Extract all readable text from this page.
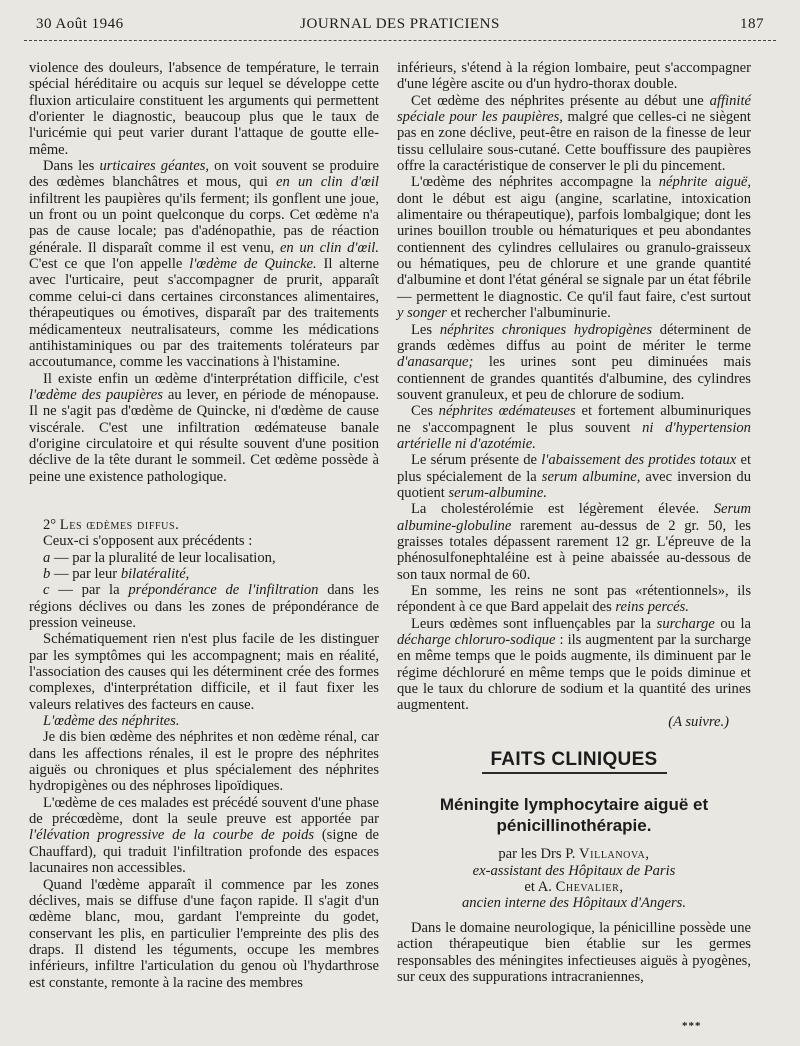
30 Août 1946	JOURNAL DES PRATICIENS	187

violence des douleurs, l'absence de température, le terrain spécial héréditaire ou acquis sur lequel se développe cette fluxion articulaire constituent les arguments qui permettent d'orienter le diagnostic, beaucoup plus que le taux de l'uricémie qui peut varier durant l'attaque de goutte elle-même.

Dans les urticaires géantes, on voit souvent se produire des œdèmes blanchâtres et mous, qui en un clin d'œil infiltrent les paupières qu'ils ferment; ils gonflent une joue, un front ou un point quelconque du corps. Cet œdème n'a pas de cause locale; pas d'adénopathie, pas de réaction générale. Il disparaît comme il est venu, en un clin d'œil. C'est ce que l'on appelle l'œdème de Quincke. Il alterne avec l'urticaire, peut s'accompagner de prurit, apparaît comme celui-ci dans certaines circonstances alimentaires, thérapeutiques ou émotives, disparaît par des traitements médicamenteux neutralisateurs, comme les médications antihistaminiques ou par des traitements tolérateurs par accoutumance, comme les vaccinations à l'histamine.

Il existe enfin un œdème d'interprétation difficile, c'est l'œdème des paupières au lever, en période de ménopause. Il ne s'agit pas d'œdème de Quincke, ni d'œdème de cause viscérale. C'est une infiltration œdémateuse banale d'origine circulatoire et qui résulte souvent d'une position déclive de la tête durant le sommeil. Cet œdème possède à peine une existence pathologique.

2° Les œdèmes diffus.

Ceux-ci s'opposent aux précédents :

a — par la pluralité de leur localisation,

b — par leur bilatéralité,

c — par la prépondérance de l'infiltration dans les régions déclives ou dans les zones de prépondérance de pression veineuse.

Schématiquement rien n'est plus facile de les distinguer par les symptômes qui les accompagnent; mais en réalité, l'association des causes qui les déterminent crée des formes complexes, d'interprétation difficile, et il faut fixer les valeurs relatives des facteurs en cause.

L'œdème des néphrites.

Je dis bien œdème des néphrites et non œdème rénal, car dans les affections rénales, il est le propre des néphrites aiguës ou chroniques et plus spécialement des néphrites hydropigènes ou des néphroses lipoïdiques.

L'œdème de ces malades est précédé souvent d'une phase de précœdème, dont la seule preuve est apportée par l'élévation progressive de la courbe de poids (signe de Chauffard), qui traduit l'infiltration profonde des espaces lacunaires non accessibles.

Quand l'œdème apparaît il commence par les zones déclives, mais se diffuse d'une façon rapide. Il s'agit d'un œdème blanc, mou, gardant l'empreinte du godet, conservant les plis, en particulier l'empreinte des plis des draps. Il distend les téguments, occupe les membres inférieurs, infiltre l'articulation du genou où l'hydarthrose est constante, remonte à la racine des membres

inférieurs, s'étend à la région lombaire, peut s'accompagner d'une légère ascite ou d'un hydro-thorax double.

Cet œdème des néphrites présente au début une affinité spéciale pour les paupières, malgré que celles-ci ne siègent pas en zone déclive, peut-être en raison de la finesse de leur tissu cellulaire sous-cutané. Cette bouffissure des paupières offre la caractéristique de conserver le pli du pincement.

L'œdème des néphrites accompagne la néphrite aiguë, dont le début est aigu (angine, scarlatine, intoxication alimentaire ou thérapeutique), parfois lombalgique; dont les urines bouillon trouble ou hématuriques et peu abondantes contiennent des cylindres cellulaires ou granulo-graisseux ou hématiques, peu de chlorure et une grande quantité d'albumine et dont l'état général se signale par un état fébrile — permettent le diagnostic. Ce qu'il faut faire, c'est surtout y songer et rechercher l'albuminurie.

Les néphrites chroniques hydropigènes déterminent de grands œdèmes diffus au point de mériter le terme d'anasarque; les urines sont peu diminuées mais contiennent de grandes quantités d'albumine, des cylindres souvent granuleux, et peu de chlorure de sodium.

Ces néphrites œdémateuses et fortement albuminuriques ne s'accompagnent le plus souvent ni d'hypertension artérielle ni d'azotémie.

Le sérum présente de l'abaissement des protides totaux et plus spécialement de la serum albumine, avec inversion du quotient serum-albumine.

La cholestérolémie est légèrement élevée. Serum albumine-globuline rarement au-dessus de 2 gr. 50, les graisses totales dépassent rarement 12 gr. L'épreuve de la phénosulfonephtaléine est à peine abaissée au-dessous de son taux normal de 60.

En somme, les reins ne sont pas «rétentionnels», ils répondent à ce que Bard appelait des reins percés.

Leurs œdèmes sont influençables par la surcharge ou la décharge chloruro-sodique : ils augmentent par la surcharge en même temps que le poids augmente, ils diminuent par le régime déchloruré en même temps que le poids diminue et que le taux du chlorure de sodium et la quantité des urines augmentent.

(A suivre.)

FAITS CLINIQUES
Méningite lymphocytaire aiguë et
pénicillinothérapie.

par les Drs P. Villanova,

ex-assistant des Hôpitaux de Paris

et A. Chevalier,

ancien interne des Hôpitaux d'Angers.

Dans le domaine neurologique, la pénicilline possède une action thérapeutique bien établie sur les germes responsables des méningites infectieuses aiguës à pyogènes, sur ceux des suppurations intracraniennes,

***
